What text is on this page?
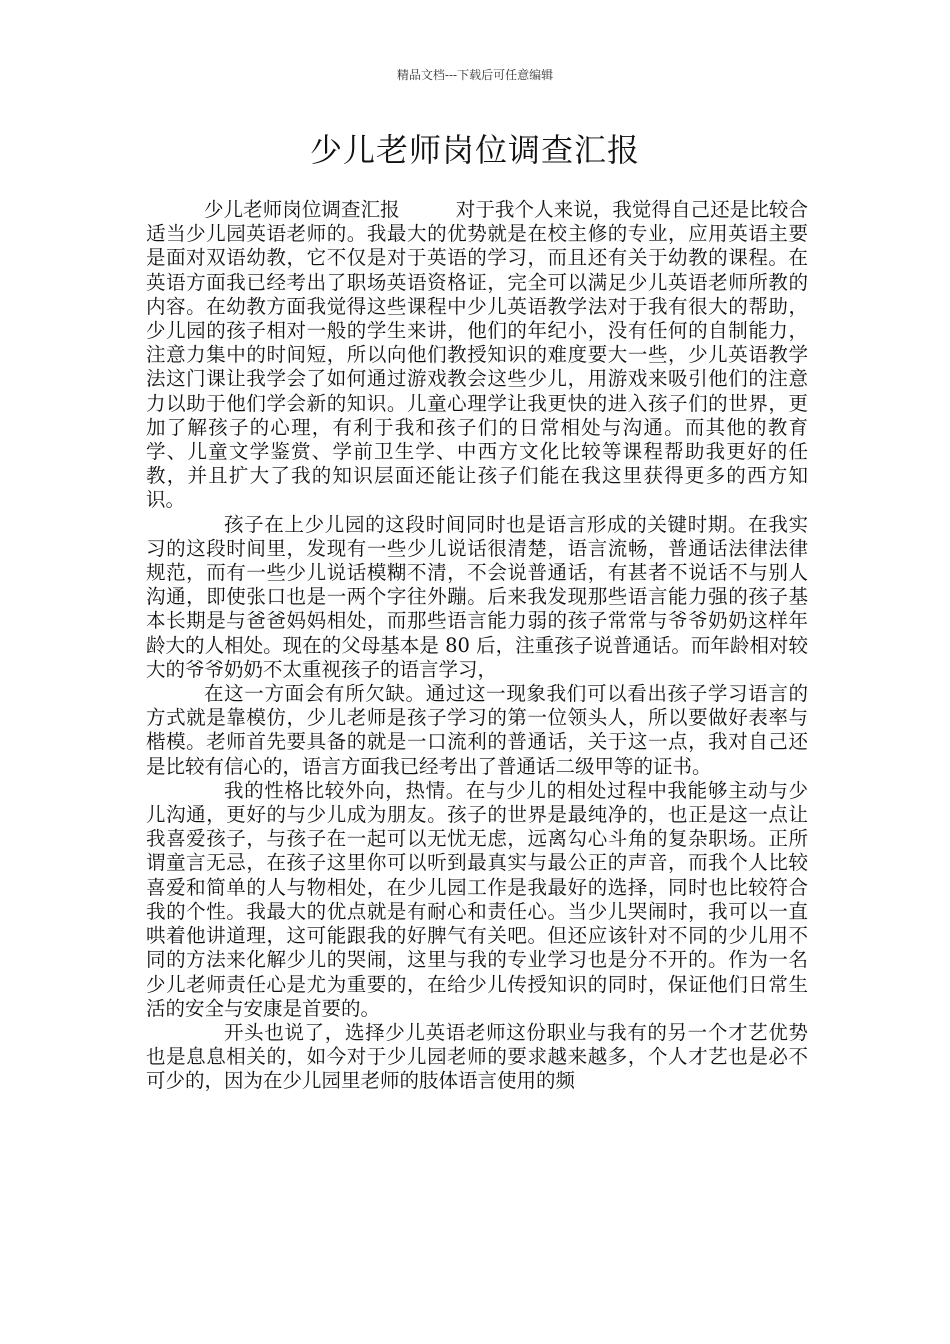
精品文档---下载后可任意编辑
少儿老师岗位调查汇报

少儿老师岗位调查汇报	对于我个人来说，我觉得自己还是比较合适当少儿园英语老师的。我最大的优势就是在校主修的专业，应用英语主要是面对双语幼教，它不仅是对于英语的学习，而且还有关于幼教的课程。在英语方面我已经考出了职场英语资格证，完全可以满足少儿英语老师所教的内容。在幼教方面我觉得这些课程中少儿英语教学法对于我有很大的帮助，少儿园的孩子相对一般的学生来讲，他们的年纪小，没有任何的自制能力，注意力集中的时间短，所以向他们教授知识的难度要大一些，少儿英语教学法这门课让我学会了如何通过游戏教会这些少儿，用游戏来吸引他们的注意力以助于他们学会新的知识。儿童心理学让我更快的进入孩子们的世界，更加了解孩子的心理，有利于我和孩子们的日常相处与沟通。而其他的教育学、儿童文学鉴赏、学前卫生学、中西方文化比较等课程帮助我更好的任教，并且扩大了我的知识层面还能让孩子们能在我这里获得更多的西方知识。

孩子在上少儿园的这段时间同时也是语言形成的关键时期。在我实习的这段时间里，发现有一些少儿说话很清楚，语言流畅，普通话法律法律规范，而有一些少儿说话模糊不清，不会说普通话，有甚者不说话不与别人沟通，即使张口也是一两个字往外蹦。后来我发现那些语言能力强的孩子基本长期是与爸爸妈妈相处，而那些语言能力弱的孩子常常与爷爷奶奶这样年龄大的人相处。现在的父母基本是 80 后，注重孩子说普通话。而年龄相对较大的爷爷奶奶不太重视孩子的语言学习，

在这一方面会有所欠缺。通过这一现象我们可以看出孩子学习语言的方式就是靠模仿，少儿老师是孩子学习的第一位领头人，所以要做好表率与楷模。老师首先要具备的就是一口流利的普通话，关于这一点，我对自己还是比较有信心的，语言方面我已经考出了普通话二级甲等的证书。

我的性格比较外向，热情。在与少儿的相处过程中我能够主动与少儿沟通，更好的与少儿成为朋友。孩子的世界是最纯净的，也正是这一点让我喜爱孩子，与孩子在一起可以无忧无虑，远离勾心斗角的复杂职场。正所谓童言无忌，在孩子这里你可以听到最真实与最公正的声音，而我个人比较喜爱和简单的人与物相处，在少儿园工作是我最好的选择，同时也比较符合我的个性。我最大的优点就是有耐心和责任心。当少儿哭闹时，我可以一直哄着他讲道理，这可能跟我的好脾气有关吧。但还应该针对不同的少儿用不同的方法来化解少儿的哭闹，这里与我的专业学习也是分不开的。作为一名少儿老师责任心是尤为重要的，在给少儿传授知识的同时，保证他们日常生活的安全与安康是首要的。

开头也说了，选择少儿英语老师这份职业与我有的另一个才艺优势也是息息相关的，如今对于少儿园老师的要求越来越多，个人才艺也是必不可少的，因为在少儿园里老师的肢体语言使用的频
